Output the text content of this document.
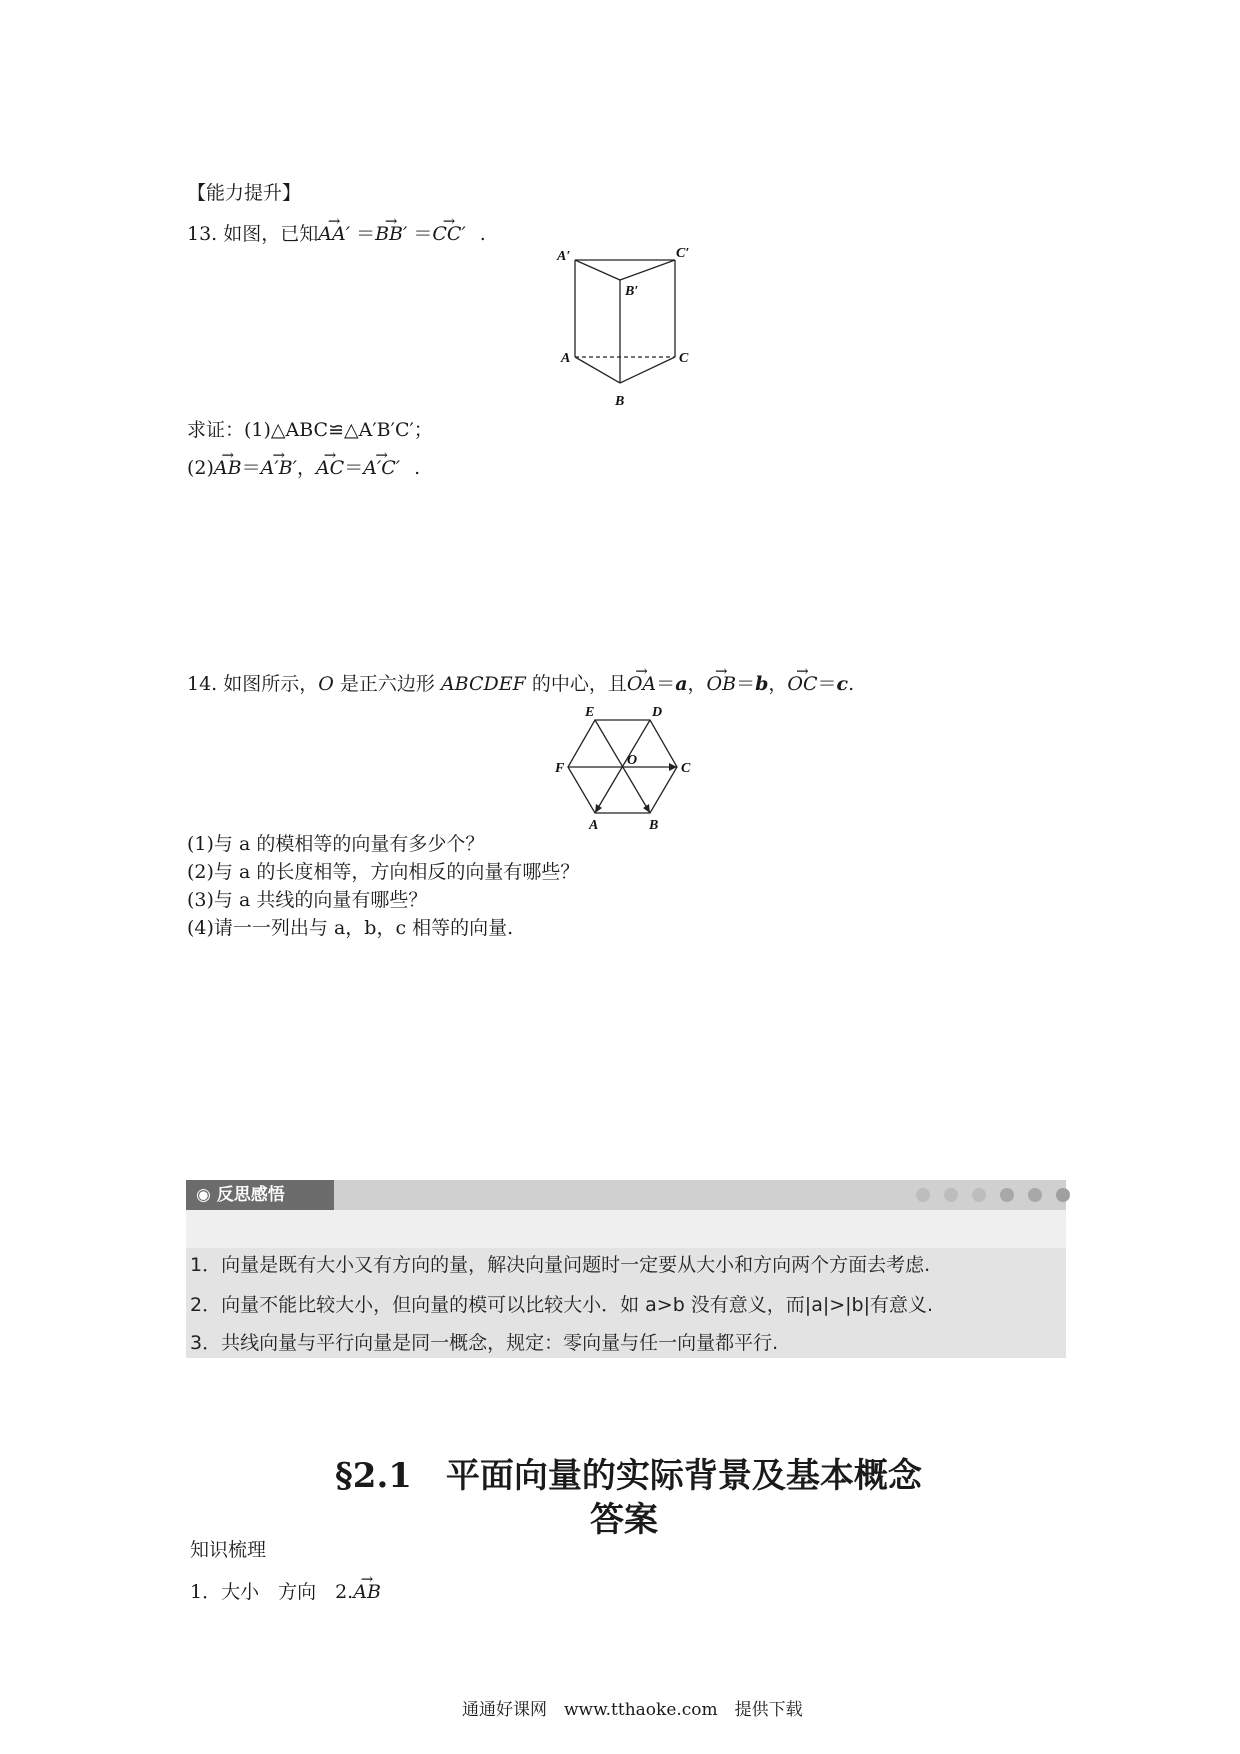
【能力提升】
13. 如图，已知→ AA′ ＝→ BB′ ＝→ CC′ .
A′	C′
B′
A	C
B
求证：(1)△ABC≌△A′B′C′；
(2)→ AB＝→ A′B′，→ AC＝→ A′C′ .
14. 如图所示，O 是正六边形 ABCDEF 的中心，且→ OA＝a，→ OB＝b，→ OC＝c.
E	D
F
O
C
A	B
(1)与 a 的模相等的向量有多少个？
(2)与 a 的长度相等，方向相反的向量有哪些？
(3)与 a 共线的向量有哪些？
(4)请一一列出与 a，b，c 相等的向量.
◉ 反思感悟
1．向量是既有大小又有方向的量，解决向量问题时一定要从大小和方向两个方面去考虑.
2．向量不能比较大小，但向量的模可以比较大小．如 a>b 没有意义，而|a|>|b|有意义.
3．共线向量与平行向量是同一概念，规定：零向量与任一向量都平行.
§2.1　平面向量的实际背景及基本概念
答案
知识梳理
1．大小　方向　2.→ AB
通通好课网　www.tthaoke.com　提供下载
